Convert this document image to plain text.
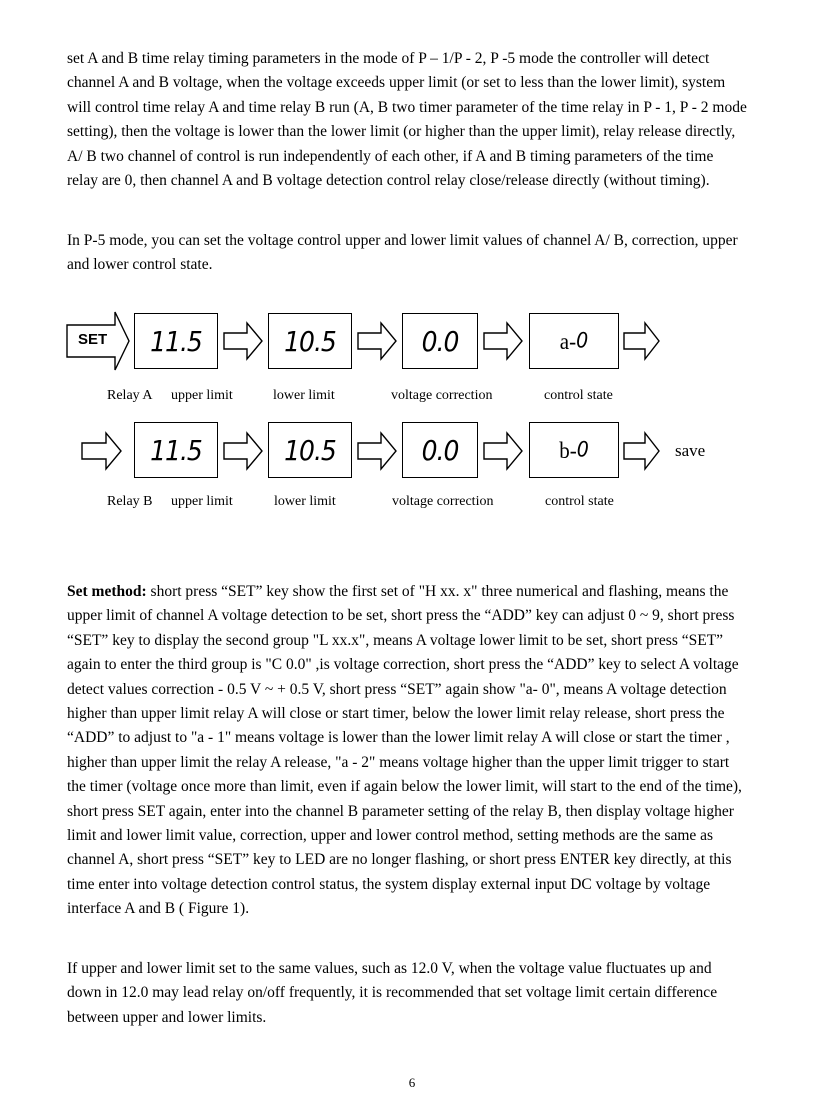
set A and B time relay timing parameters in the mode of P – 1/P - 2, P -5 mode the controller will detect channel A and B voltage, when the voltage exceeds upper limit (or set to less than the lower limit), system will control time relay A and time relay B run (A, B two timer parameter of the time relay in P - 1, P - 2 mode setting), then the voltage is lower than the lower limit (or higher than the upper limit), relay release directly, A/ B two channel of control is run independently of each other, if A and B timing parameters of the time relay are 0, then channel A and B voltage detection control relay close/release directly (without timing).

In P-5 mode, you can set the voltage control upper and lower limit values of channel A/ B, correction, upper and lower control state.

SET	11.5	10.5	0.0	a- 0
Relay A upper limit	lower limit	voltage correction	control state
11.5	10.5	0.0	b- 0	save
Relay B upper limit	lower limit	voltage correction	control state

Set method: short press “SET” key show the first set of "H xx. x" three numerical and flashing, means the upper limit of channel A voltage detection to be set, short press the “ADD” key can adjust 0 ~ 9, short press “SET” key to display the second group "L xx.x", means A voltage lower limit to be set, short press “SET” again to enter the third group is "C 0.0" ,is voltage correction, short press the “ADD” key to select A voltage detect values correction - 0.5 V ~ + 0.5 V, short press “SET” again show "a- 0", means A voltage detection higher than upper limit relay A will close or start timer, below the lower limit relay release, short press the “ADD” to adjust to "a - 1" means voltage is lower than the lower limit relay A will close or start the timer , higher than upper limit the relay A release, "a - 2" means voltage higher than the upper limit trigger to start the timer (voltage once more than limit, even if again below the lower limit, will start to the end of the time), short press SET again, enter into the channel B parameter setting of the relay B, then display voltage higher limit and lower limit value, correction, upper and lower control method, setting methods are the same as channel A, short press “SET” key to LED are no longer flashing, or short press ENTER key directly, at this time enter into voltage detection control status, the system display external input DC voltage by voltage interface A and B ( Figure 1).

If upper and lower limit set to the same values, such as 12.0 V, when the voltage value fluctuates up and down in 12.0 may lead relay on/off frequently, it is recommended that set voltage limit certain difference between upper and lower limits.

6
